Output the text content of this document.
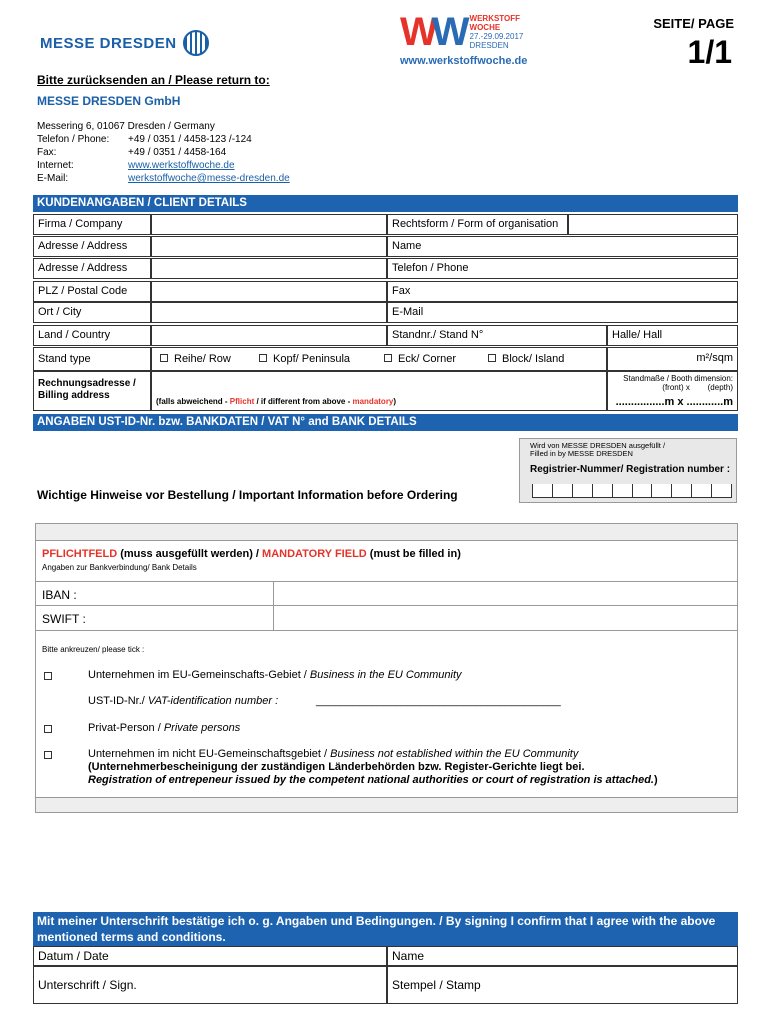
MESSE DRESDEN	WW WERKSTOFF
WOCHE
27.-29.09.2017
DRESDEN
www.werkstoffwoche.de
SEITE/ PAGE
1/1
Bitte zurücksenden an / Please return to:
MESSE DRESDEN GmbH
Messering 6, 01067 Dresden / Germany
Telefon / Phone:	+49 / 0351 / 4458-123 /-124
Fax:	+49 / 0351 / 4458-164
Internet:	www.werkstoffwoche.de
E-Mail:	werkstoffwoche@messe-dresden.de
KUNDENANGABEN / CLIENT DETAILS
Firma / Company	Rechtsform / Form of organisation
Adresse / Address	Name
Adresse / Address	Telefon / Phone
PLZ / Postal Code	Fax
Ort / City	E-Mail
Land / Country	Standnr./ Stand N°	Halle/ Hall
Stand type	Reihe/ Row	Kopf/ Peninsula	Eck/ Corner	Block/ Island	m²/sqm
Rechnungsadresse /
Billing address
(falls abweichend - Pflicht / if different from above - mandatory)
Standmaße / Booth dimension:
(front) x (depth)
................m x ............m
ANGABEN UST-ID-Nr. bzw. BANKDATEN / VAT N° and BANK DETAILS
Wird von MESSE DRESDEN ausgefüllt /
Filled in by MESSE DRESDEN
Registrier-Nummer/ Registration number :
Wichtige Hinweise vor Bestellung / Important Information before Ordering
PFLICHTFELD (muss ausgefüllt werden) / MANDATORY FIELD (must be filled in)
Angaben zur Bankverbindung/ Bank Details
IBAN :
SWIFT :
Bitte ankreuzen/ please tick :
Unternehmen im EU-Gemeinschafts-Gebiet / Business in the EU Community
UST-ID-Nr./ VAT-identification number :	________________________________________
Privat-Person / Private persons
Unternehmen im nicht EU-Gemeinschaftsgebiet / Business not established within the EU Community
(Unternehmerbescheinigung der zuständigen Länderbehörden bzw. Register-Gerichte liegt bei.
Registration of entrepeneur issued by the competent national authorities or court of registration is attached.)
Mit meiner Unterschrift bestätige ich o. g. Angaben und Bedingungen. / By signing I confirm that I agree with the above mentioned terms and conditions.
Datum / Date	Name
Unterschrift / Sign.	Stempel / Stamp
